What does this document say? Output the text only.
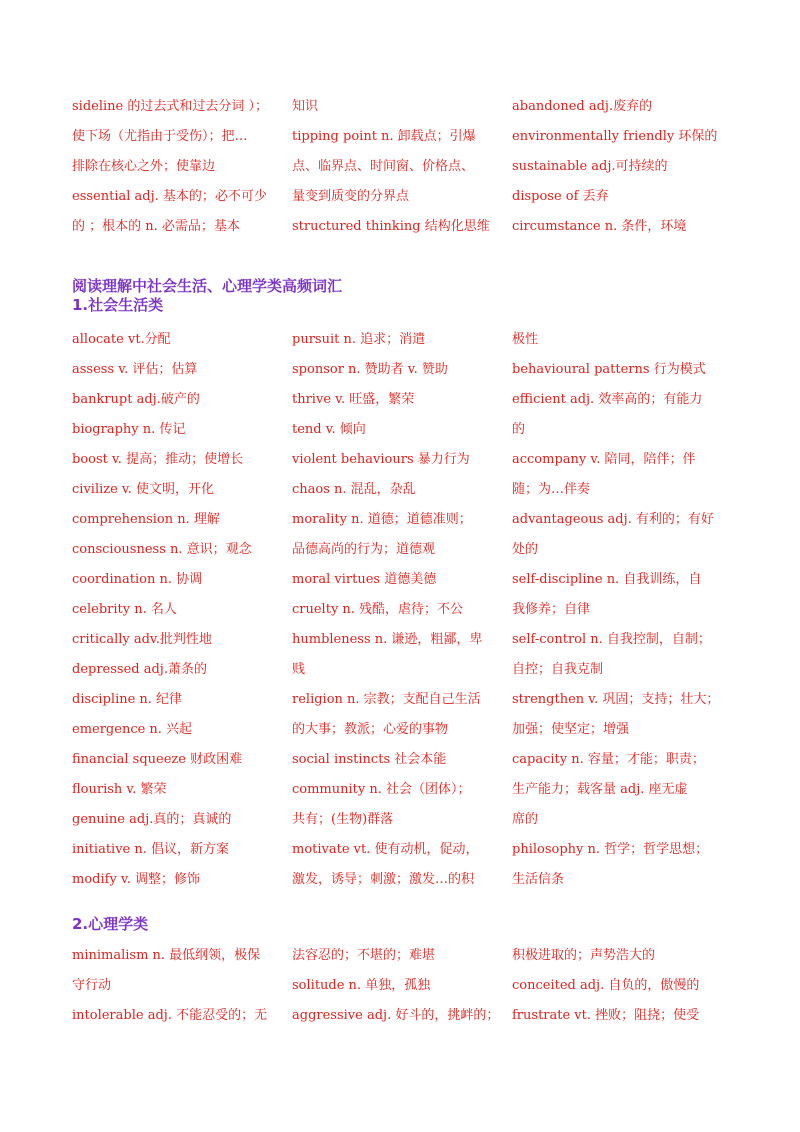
sideline 的过去式和过去分词 ）；
使下场（尤指由于受伤）；把…
排除在核心之外；使靠边
essential adj. 基本的；必不可少
的 ；根本的 n. 必需品；基本
知识
tipping point n. 卸载点；引爆
点、临界点、时间窗、价格点、
量变到质变的分界点
structured thinking 结构化思维
abandoned adj.废弃的
environmentally friendly 环保的
sustainable adj.可持续的
dispose of 丢弃
circumstance n. 条件，环境
阅读理解中社会生活、心理学类高频词汇
1.社会生活类
allocate vt.分配
assess v. 评估；估算
bankrupt adj.破产的
biography n. 传记
boost v. 提高；推动；使增长
civilize v. 使文明，开化
comprehension n. 理解
consciousness n. 意识；观念
coordination n. 协调
celebrity n. 名人
critically adv.批判性地
depressed adj.萧条的
discipline n. 纪律
emergence n. 兴起
financial squeeze 财政困难
flourish v. 繁荣
genuine adj.真的；真诚的
initiative n. 倡议，新方案
modify v. 调整；修饰
pursuit n. 追求；消遣
sponsor n. 赞助者 v. 赞助
thrive v. 旺盛，繁荣
tend v. 倾向
violent behaviours 暴力行为
chaos n. 混乱，杂乱
morality n. 道德；道德准则；
品德高尚的行为；道德观
moral virtues 道德美德
cruelty n. 残酷，虐待；不公
humbleness n. 谦逊，粗鄙，卑
贱
religion n. 宗教；支配自己生活
的大事；教派；心爱的事物
social instincts 社会本能
community n. 社会（团体）；
共有；(生物)群落
motivate vt. 使有动机，促动，
激发，诱导；刺激；激发…的积
极性
behavioural patterns 行为模式
efficient adj. 效率高的；有能力
的
accompany v. 陪同，陪伴；伴
随；为…伴奏
advantageous adj. 有利的；有好
处的
self-discipline n. 自我训练，自
我修养；自律
self-control n. 自我控制，自制；
自控；自我克制
strengthen v. 巩固；支持；壮大；
加强；使坚定；增强
capacity n. 容量；才能；职责；
生产能力；载客量 adj. 座无虚
席的
philosophy n. 哲学；哲学思想；
生活信条
2.心理学类
minimalism n. 最低纲领，极保
守行动
intolerable adj. 不能忍受的；无
法容忍的；不堪的；难堪
solitude n. 单独，孤独
aggressive adj. 好斗的，挑衅的；
积极进取的；声势浩大的
conceited adj. 自负的，傲慢的
frustrate vt. 挫败；阻挠；使受
